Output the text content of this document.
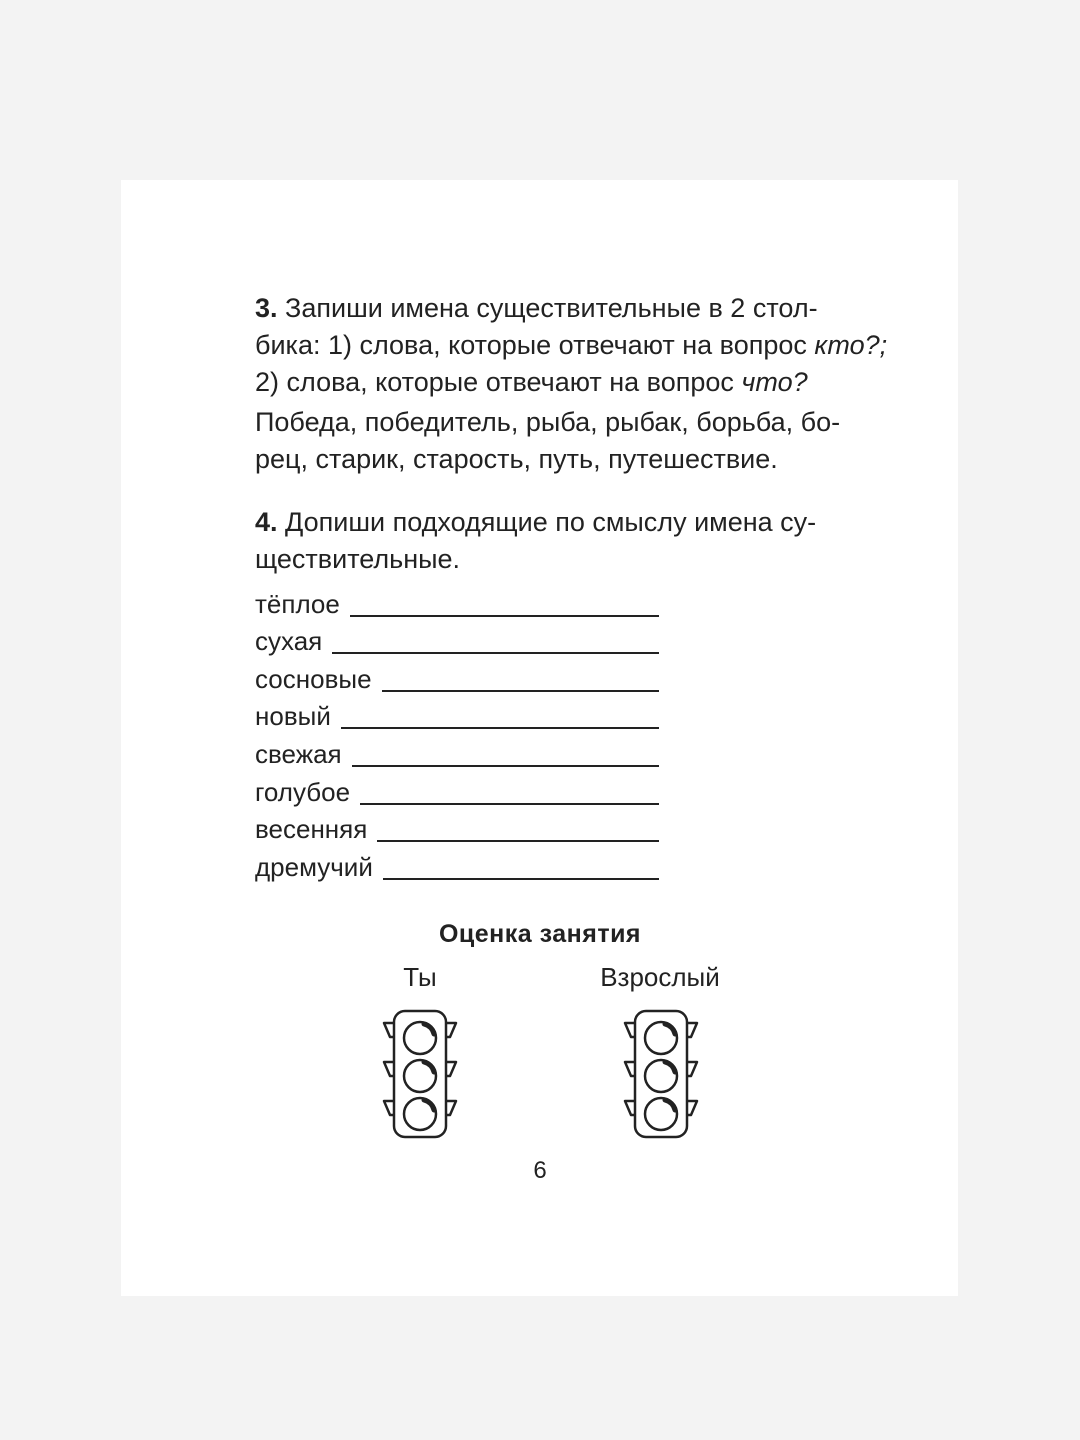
3. Запиши имена существительные в 2 стол-

бика: 1) слова, которые отвечают на вопрос кто?;

2) слова, которые отвечают на вопрос что?

Победа, победитель, рыба, рыбак, борьба, бо-

рец, старик, старость, путь, путешествие.

4. Допиши подходящие по смыслу имена су-

ществительные.

тёплое
сухая
сосновые
новый
свежая
голубое
весенняя
дремучий
Оценка занятия
Ты	Взрослый
6
